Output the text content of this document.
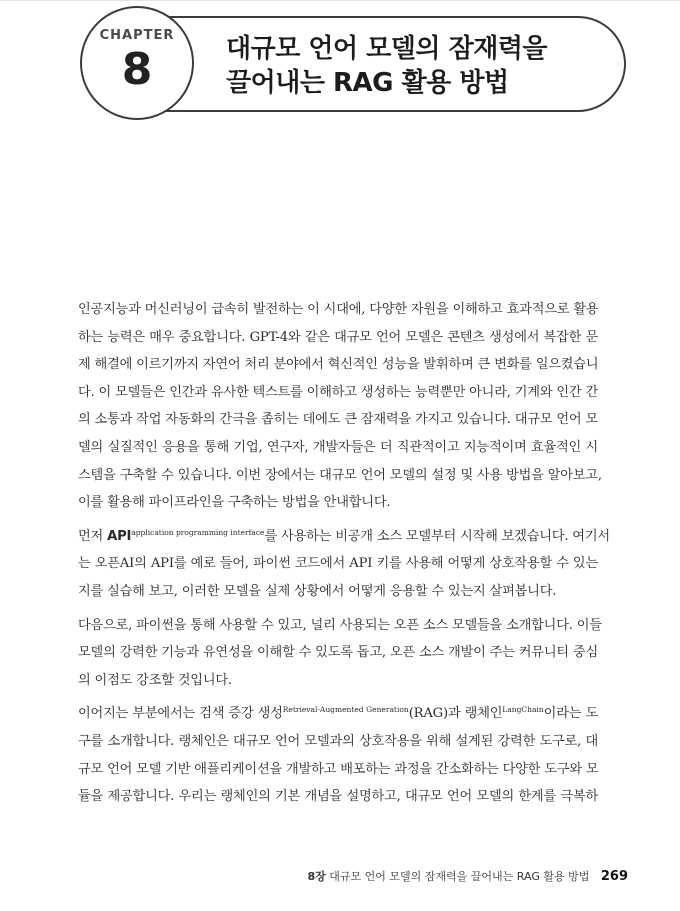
CHAPTER
8	대규모 언어 모델의 잠재력을
끌어내는 RAG 활용 방법

인공지능과 머신러닝이 급속히 발전하는 이 시대에, 다양한 자원을 이해하고 효과적으로 활용
하는 능력은 매우 중요합니다. GPT-4와 같은 대규모 언어 모델은 콘텐츠 생성에서 복잡한 문
제 해결에 이르기까지 자연어 처리 분야에서 혁신적인 성능을 발휘하며 큰 변화를 일으켰습니
다. 이 모델들은 인간과 유사한 텍스트를 이해하고 생성하는 능력뿐만 아니라, 기계와 인간 간
의 소통과 작업 자동화의 간극을 좁히는 데에도 큰 잠재력을 가지고 있습니다. 대규모 언어 모
델의 실질적인 응용을 통해 기업, 연구자, 개발자들은 더 직관적이고 지능적이며 효율적인 시
스템을 구축할 수 있습니다. 이번 장에서는 대규모 언어 모델의 설정 및 사용 방법을 알아보고,
이를 활용해 파이프라인을 구축하는 방법을 안내합니다.

먼저 $API^{application programming interface}$를 사용하는 비공개 소스 모델부터 시작해 보겠습니다. 여기서
는 오픈AI의 API를 예로 들어, 파이썬 코드에서 API 키를 사용해 어떻게 상호작용할 수 있는
지를 실습해 보고, 이러한 모델을 실제 상황에서 어떻게 응용할 수 있는지 살펴봅니다.

다음으로, 파이썬을 통해 사용할 수 있고, 널리 사용되는 오픈 소스 모델들을 소개합니다. 이들
모델의 강력한 기능과 유연성을 이해할 수 있도록 돕고, 오픈 소스 개발이 주는 커뮤니티 중심
의 이점도 강조할 것입니다.

이어지는 부분에서는 검색 증강 생성$^{Retrieval-Augmented Generation}$(RAG)과 랭체인$^{LangChain}$이라는 도
구를 소개합니다. 랭체인은 대규모 언어 모델과의 상호작용을 위해 설계된 강력한 도구로, 대
규모 언어 모델 기반 애플리케이션을 개발하고 배포하는 과정을 간소화하는 다양한 도구와 모
듈을 제공합니다. 우리는 랭체인의 기본 개념을 설명하고, 대규모 언어 모델의 한계를 극복하

8장 대규모 언어 모델의 잠재력을 끌어내는 RAG 활용 방법 269
